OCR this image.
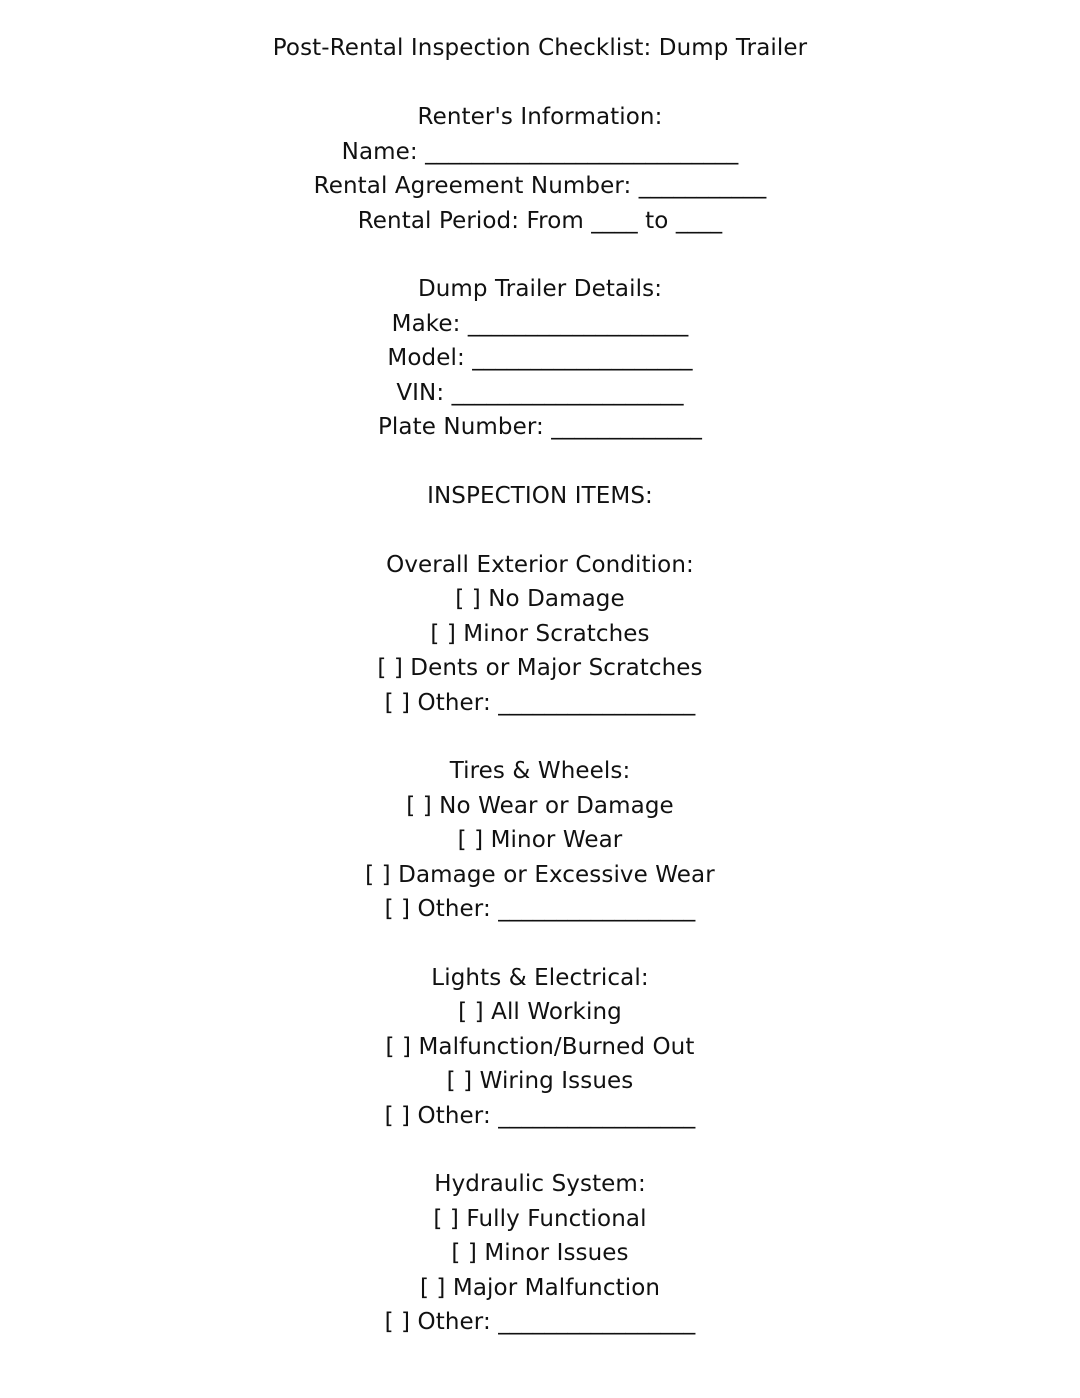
Post-Rental Inspection Checklist: Dump Trailer
Renter's Information:
Name: ___________________________
Rental Agreement Number: ___________
Rental Period: From ____ to ____
Dump Trailer Details:
Make: ___________________
Model: ___________________
VIN: ____________________
Plate Number: _____________
INSPECTION ITEMS:
Overall Exterior Condition:
[ ] No Damage
[ ] Minor Scratches
[ ] Dents or Major Scratches
[ ] Other: _________________
Tires & Wheels:
[ ] No Wear or Damage
[ ] Minor Wear
[ ] Damage or Excessive Wear
[ ] Other: _________________
Lights & Electrical:
[ ] All Working
[ ] Malfunction/Burned Out
[ ] Wiring Issues
[ ] Other: _________________
Hydraulic System:
[ ] Fully Functional
[ ] Minor Issues
[ ] Major Malfunction
[ ] Other: _________________
